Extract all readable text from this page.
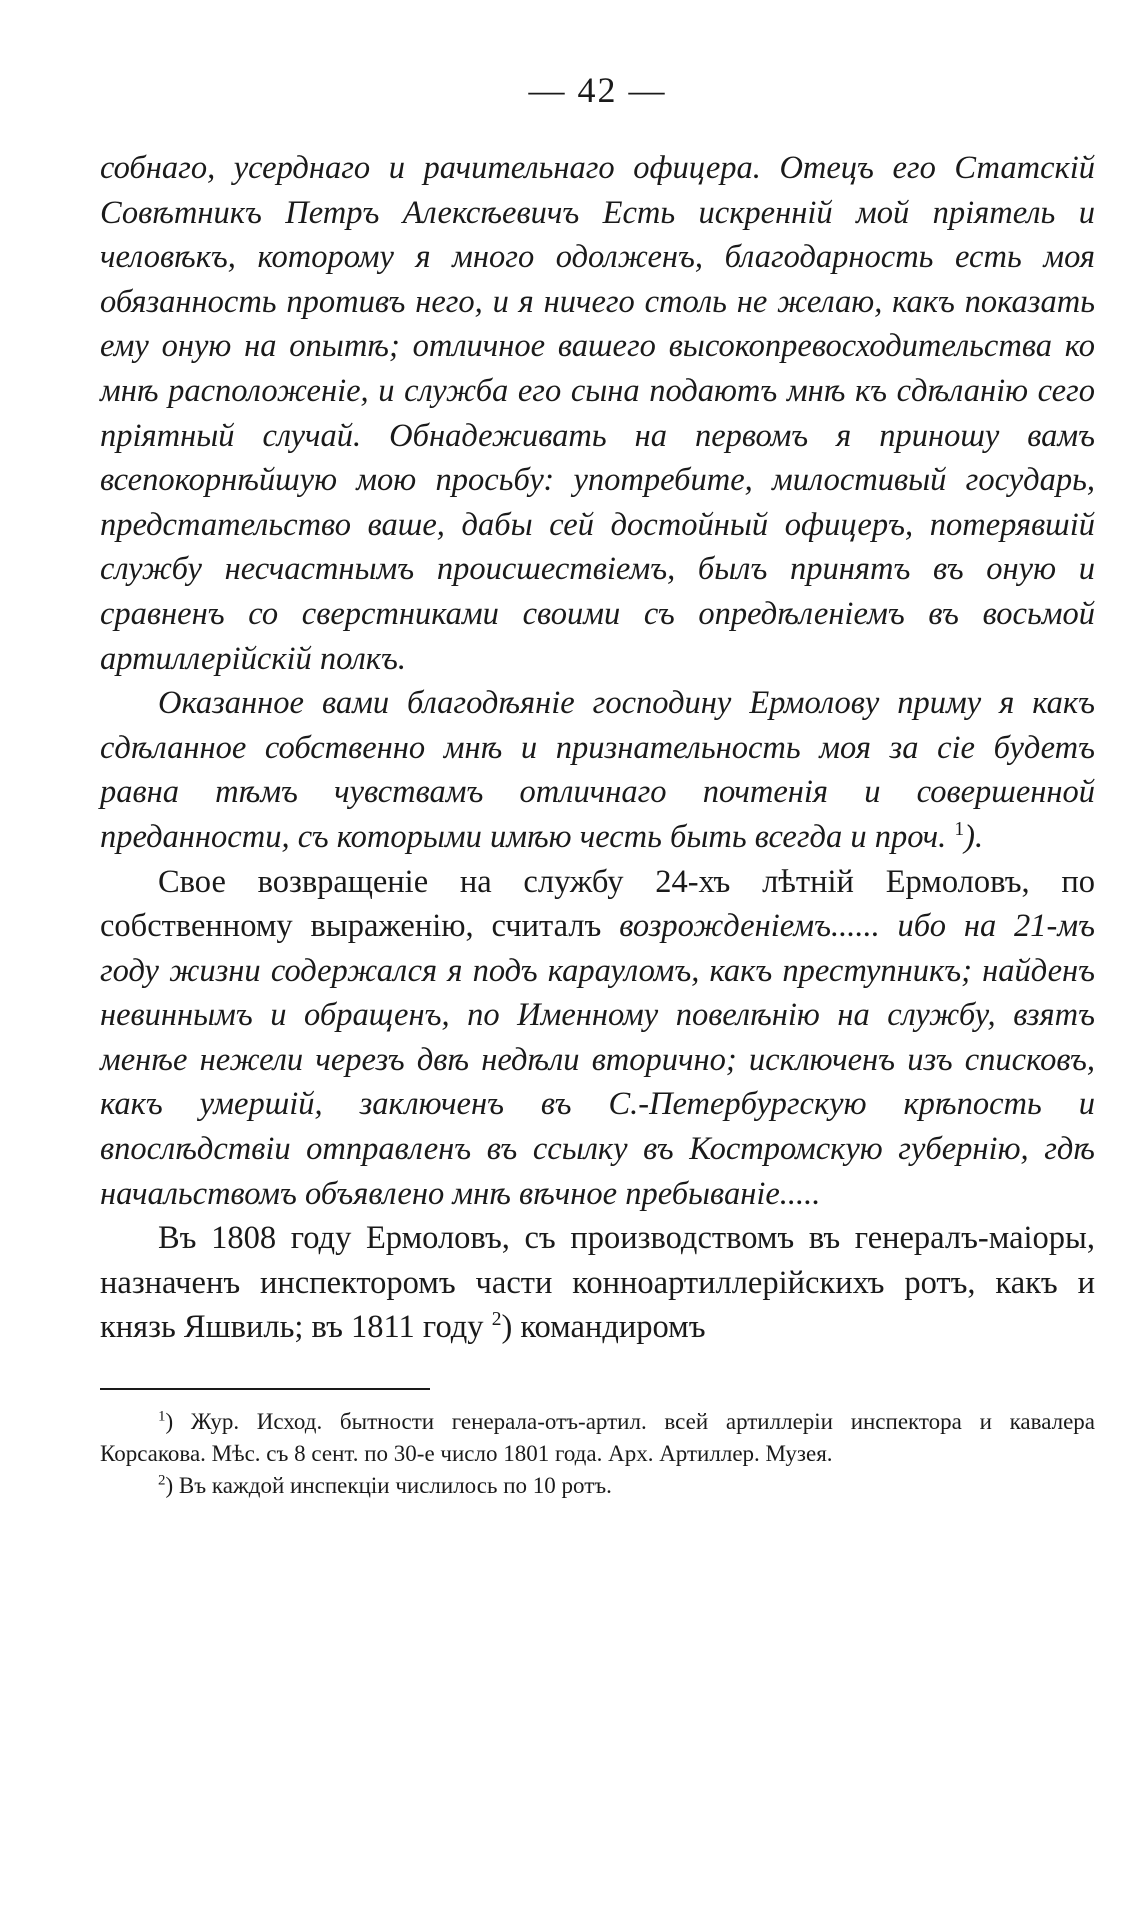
— 42 —

собнаго, усерднаго и рачительнаго офицера. Отецъ его Статскій Совѣтникъ Петръ Алексѣевичъ Есть искренній мой пріятель и человѣкъ, которому я много одолженъ, благодарность есть моя обязанность противъ него, и я ничего столь не желаю, какъ показать ему оную на опытѣ; отличное вашего высокопревосходительства ко мнѣ расположеніе, и служба его сына подаютъ мнѣ къ сдѣланію сего пріятный случай. Обнадеживать на первомъ я приношу вамъ всепокорнѣйшую мою просьбу: употребите, милостивый государь, предстательство ваше, дабы сей достойный офицеръ, потерявшій службу несчастнымъ происшествіемъ, былъ принятъ въ оную и сравненъ со сверстниками своими съ опредѣленіемъ въ восьмой артиллерійскій полкъ.

Оказанное вами благодѣяніе господину Ермолову приму я какъ сдѣланное собственно мнѣ и признательность моя за сіе будетъ равна тѣмъ чувствамъ отличнаго почтенія и совершенной преданности, съ которыми имѣю честь быть всегда и проч. $^1$).

Свое возвращеніе на службу 24-хъ лѣтній Ермоловъ, по собственному выраженію, считалъ возрожденіемъ...... ибо на 21-мъ году жизни содержался я подъ карауломъ, какъ преступникъ; найденъ невиннымъ и обращенъ, по Именному повелѣнію на службу, взятъ менѣе нежели черезъ двѣ недѣли вторично; исключенъ изъ списковъ, какъ умершій, заключенъ въ С.-Петербургскую крѣпость и впослѣдствіи отправленъ въ ссылку въ Костромскую губернію, гдѣ начальствомъ объявлено мнѣ вѣчное пребываніе.....

Въ 1808 году Ермоловъ, съ производствомъ въ генералъ-маіоры, назначенъ инспекторомъ части конноартиллерійскихъ ротъ, какъ и князь Яшвиль; въ 1811 году $^2$) командиромъ

$^1$) Жур. Исход. бытности генерала-отъ-артил. всей артиллеріи инспектора и кавалера Корсакова. Мѣс. съ 8 сент. по 30-е число 1801 года. Арх. Артиллер. Музея.

$^2$) Въ каждой инспекціи числилось по 10 ротъ.
